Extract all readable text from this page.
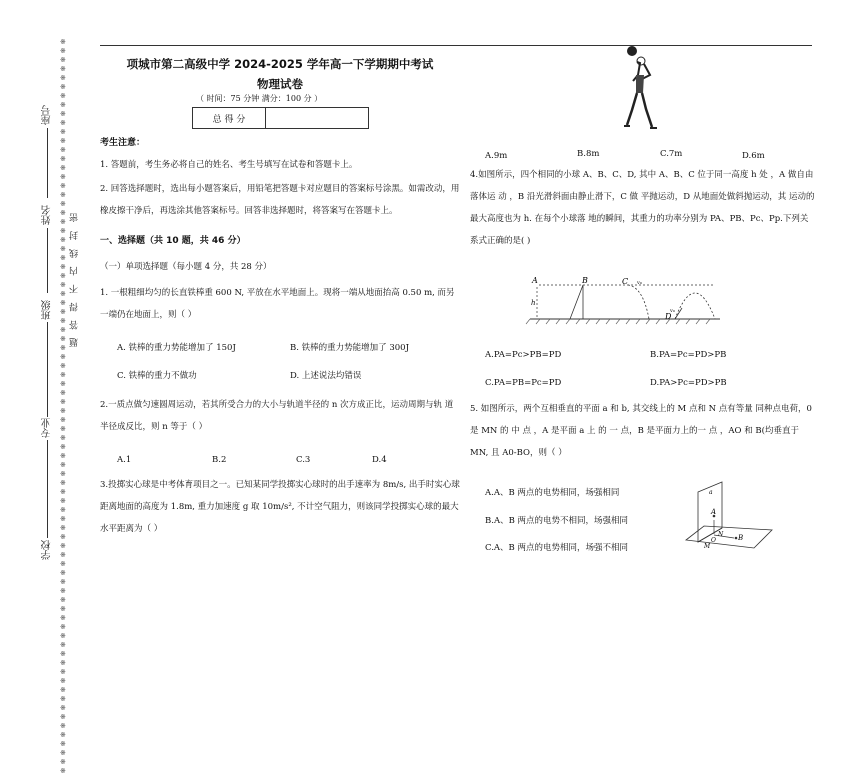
※※※※※※※※※※※※※※※※※※※※※※※※※※※※※※※※※※※※※※※※※※※※※※※※※※※※※※※※※※※※※※※※※※※※※※※※※※※※※※※※※※
座号
姓名
班级
专业
学校
题 答 得 不 内 线 封 密
项城市第二高级中学 2024-2025 学年高一下学期期中考试
物理试卷
（ 时间：75 分钟 满分：100 分 ）
总 得 分	
考生注意：
1. 答题前，考生务必将自己的姓名、考生号填写在试卷和答题卡上。
2. 回答选择题时，选出每小题答案后，用铅笔把答题卡对应题目的答案标号涂黑。如需改动，用橡皮擦干净后，再选涂其他答案标号。回答非选择题时，将答案写在答题卡上。
一、选择题（共 10 题，共 46 分）
（一）单项选择题（每小题 4 分，共 28 分）
1. 一根粗细均匀的长直铁棒重 600 N, 平放在水平地面上。现将一端从地面抬高 0.50 m, 而另一端仍在地面上，则（ ）
A. 铁棒的重力势能增加了 150J	B. 铁棒的重力势能增加了 300J
C. 铁棒的重力不做功	D. 上述说法均错误
2.一质点做匀速圆周运动，若其所受合力的大小与轨道半径的 n 次方成正比，运动周期与轨 道半径成反比，则 n 等于（ ）
A.1	B.2	C.3	D.4
3.投掷实心球是中考体育项目之一。已知某同学投掷实心球时的出手速率为 8m/s, 出手时实心球距离地面的高度为 1.8m, 重力加速度 g 取 10m/s², 不计空气阻力，则该同学投掷实心球的最大水平距离为（ ）
A.9m	B.8m	C.7m	D.6m
4.如图所示，四个相同的小球 A、B、C、D, 其中 A、B、C 位于同一高度 h 处 ，A 做自由落体运 动 ，B 沿光滑斜面由静止滑下，C 做 平抛运动，D 从地面处做斜抛运动，其 运动的最大高度也为 h. 在每个小球落 地的瞬间，其重力的功率分别为 PA、PB、Pc、Pp.下列关系式正确的是( )
A	B	C v₀
h
v₀
D
A.PA=Pc>PB=PD	B.PA=Pc=PD>PB
C.PA=PB=Pc=PD	D.PA>Pc=PD>PB
5. 如图所示，两个互相垂直的平面 a 和 b, 其交线上的 M 点和 N 点有等量 同种点电荷，0 是 MN 的 中 点 ，A 是平面 a 上 的 一 点，B 是平面力上的一 点 ，AO 和 B(均垂直于 MN, 且 A0-BO，则（ ）
A.A、B 两点的电势相同，场强相同
B.A、B 两点的电势不相同，场强相同
C.A、B 两点的电势相同，场强不相同
a
A
B
M
O
N
